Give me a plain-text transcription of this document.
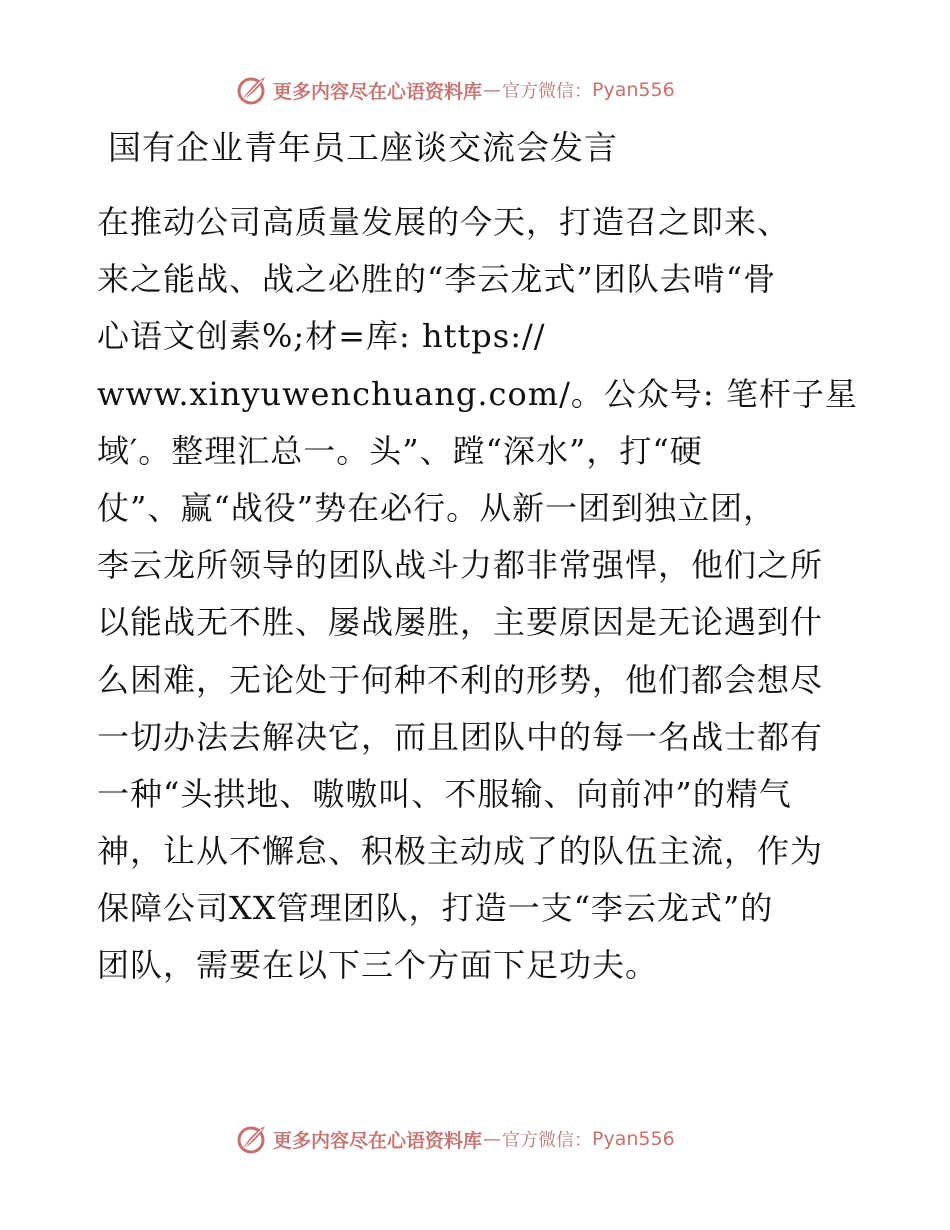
更多内容尽在心语资料库 — 官方微信： Pyan556
国有企业青年员工座谈交流会发言
在推动公司高质量发展的今天，打造召之即来、
来之能战、战之必胜的“李云龙式”团队去啃“骨
心语文创素%;材=库: https://
www.xinyuwenchuang.com/。公众号: 笔杆子星
域′。整理汇总一。头”、蹚“深水”，打“硬
仗”、赢“战役”势在必行。从新一团到独立团，
李云龙所领导的团队战斗力都非常强悍，他们之所
以能战无不胜、屡战屡胜，主要原因是无论遇到什
么困难，无论处于何种不利的形势，他们都会想尽
一切办法去解决它，而且团队中的每一名战士都有
一种“头拱地、嗷嗷叫、不服输、向前冲”的精气
神，让从不懈怠、积极主动成了的队伍主流，作为
保障公司XX管理团队，打造一支“李云龙式”的
团队，需要在以下三个方面下足功夫。
更多内容尽在心语资料库 — 官方微信： Pyan556
